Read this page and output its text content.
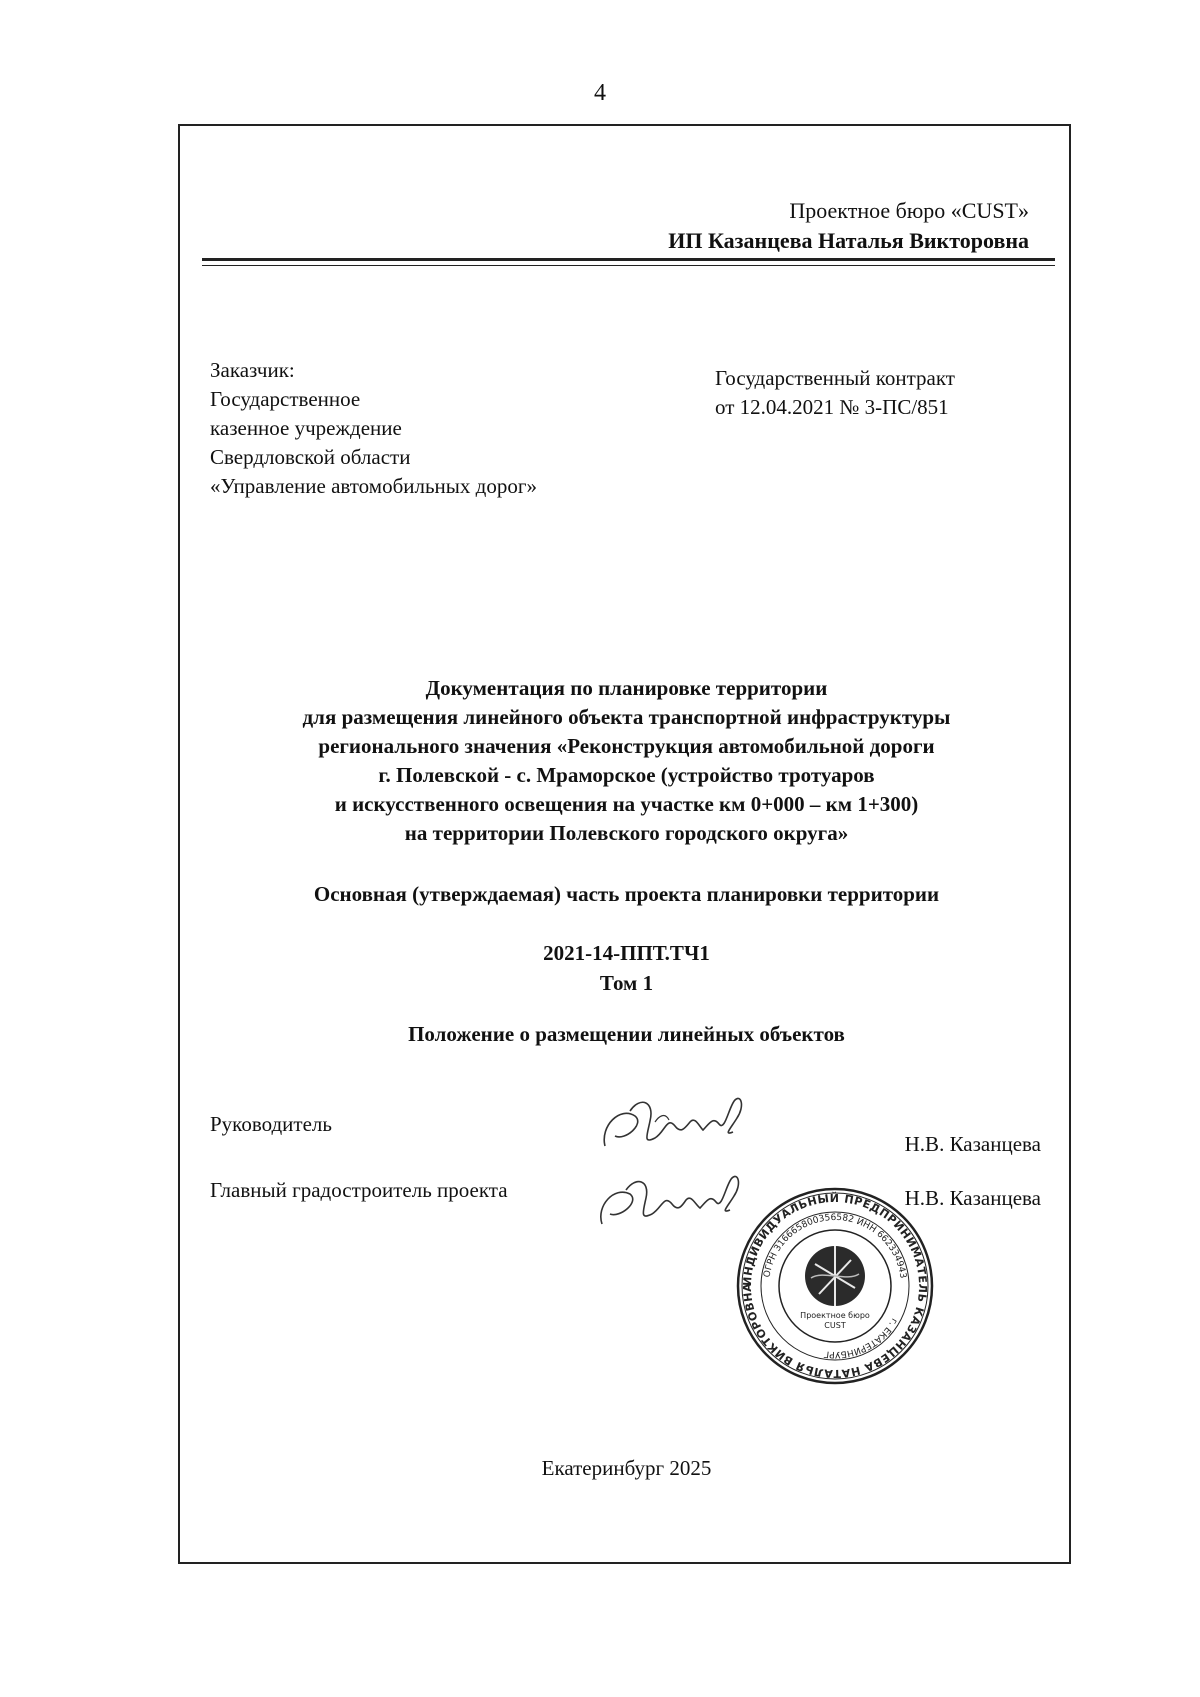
4
Проектное бюро «CUST»
ИП Казанцева Наталья Викторовна
Заказчик:
Государственное
казенное учреждение
Свердловской области
«Управление автомобильных дорог»
Государственный контракт
от 12.04.2021 № 3-ПС/851
Документация по планировке территории
для размещения линейного объекта транспортной инфраструктуры
регионального значения «Реконструкция автомобильной дороги
г. Полевской - с. Мраморское (устройство тротуаров
и искусственного освещения на участке км 0+000 – км 1+300)
на территории Полевского городского округа»
Основная (утверждаемая) часть проекта планировки территории
2021-14-ППТ.ТЧ1
Том 1
Положение о размещении линейных объектов
Руководитель
Н.В. Казанцева
Главный градостроитель проекта	Н.В. Казанцева
ИНДИВИДУАЛЬНЫЙ ПРЕДПРИНИМАТЕЛЬ КАЗАНЦЕВА НАТАЛЬЯ ВИКТОРОВНА
ОГРН 316665800356582 ИНН 662334943
г. ЕКАТЕРИНБУРГ
Проектное бюро
CUST
Екатеринбург 2025
